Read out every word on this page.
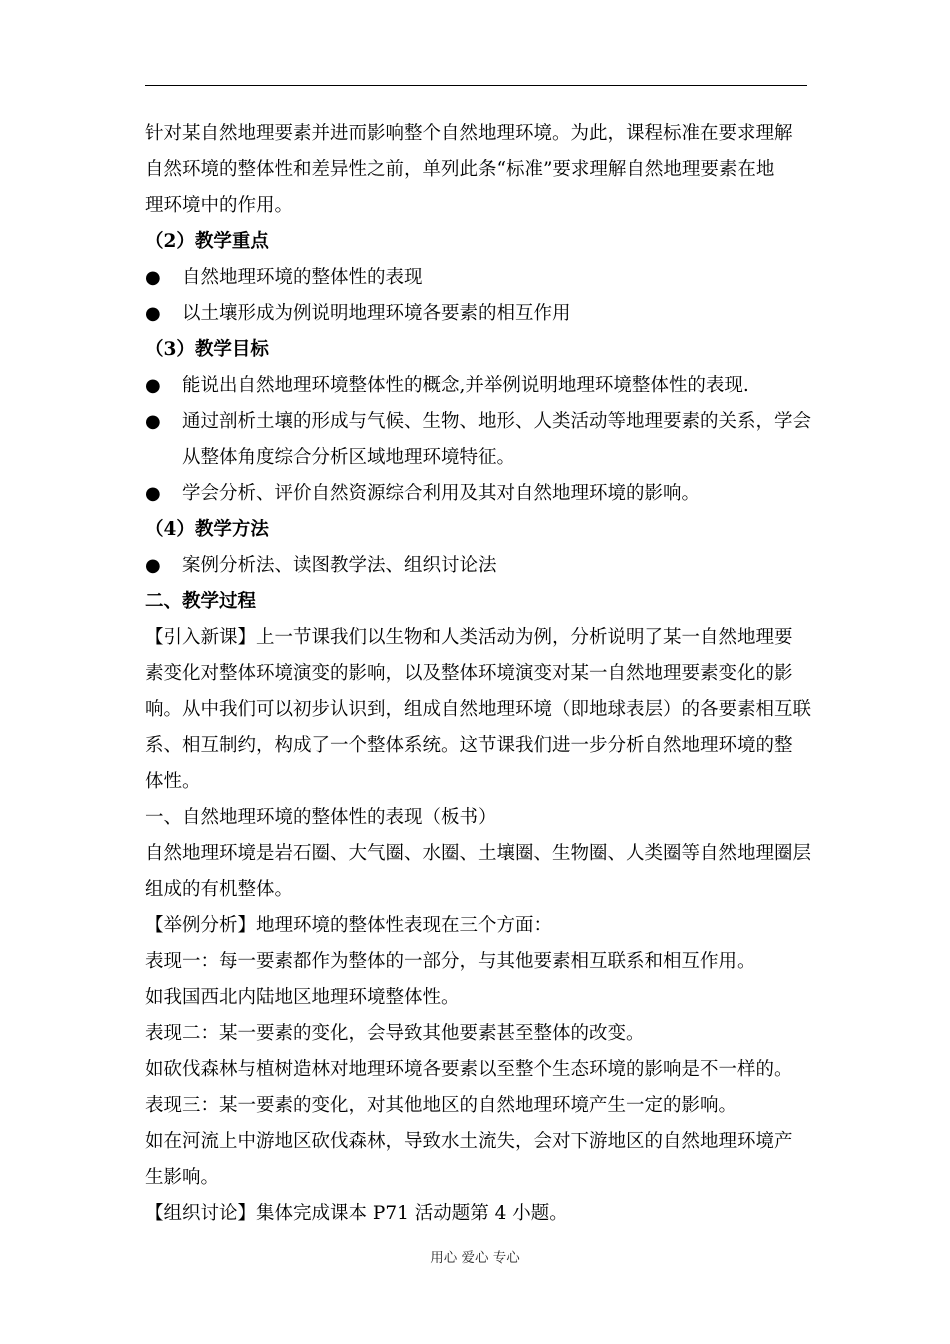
针对某自然地理要素并进而影响整个自然地理环境。为此，课程标准在要求理解
自然环境的整体性和差异性之前，单列此条“标准”要求理解自然地理要素在地
理环境中的作用。
（2）教学重点
●	自然地理环境的整体性的表现
●	以土壤形成为例说明地理环境各要素的相互作用
（3）教学目标
●	能说出自然地理环境整体性的概念,并举例说明地理环境整体性的表现.
●	通过剖析土壤的形成与气候、生物、地形、人类活动等地理要素的关系，学会
从整体角度综合分析区域地理环境特征。
●	学会分析、评价自然资源综合利用及其对自然地理环境的影响。
（4）教学方法
●	案例分析法、读图教学法、组织讨论法
二、教学过程
【引入新课】上一节课我们以生物和人类活动为例，分析说明了某一自然地理要
素变化对整体环境演变的影响，以及整体环境演变对某一自然地理要素变化的影
响。从中我们可以初步认识到，组成自然地理环境（即地球表层）的各要素相互联
系、相互制约，构成了一个整体系统。这节课我们进一步分析自然地理环境的整
体性。
一、自然地理环境的整体性的表现（板书）
自然地理环境是岩石圈、大气圈、水圈、土壤圈、生物圈、人类圈等自然地理圈层
组成的有机整体。
【举例分析】地理环境的整体性表现在三个方面：
表现一：每一要素都作为整体的一部分，与其他要素相互联系和相互作用。
如我国西北内陆地区地理环境整体性。
表现二：某一要素的变化，会导致其他要素甚至整体的改变。
如砍伐森林与植树造林对地理环境各要素以至整个生态环境的影响是不一样的。
表现三：某一要素的变化，对其他地区的自然地理环境产生一定的影响。
如在河流上中游地区砍伐森林，导致水土流失，会对下游地区的自然地理环境产
生影响。
【组织讨论】集体完成课本 P71 活动题第 4 小题。
用心 爱心 专心
